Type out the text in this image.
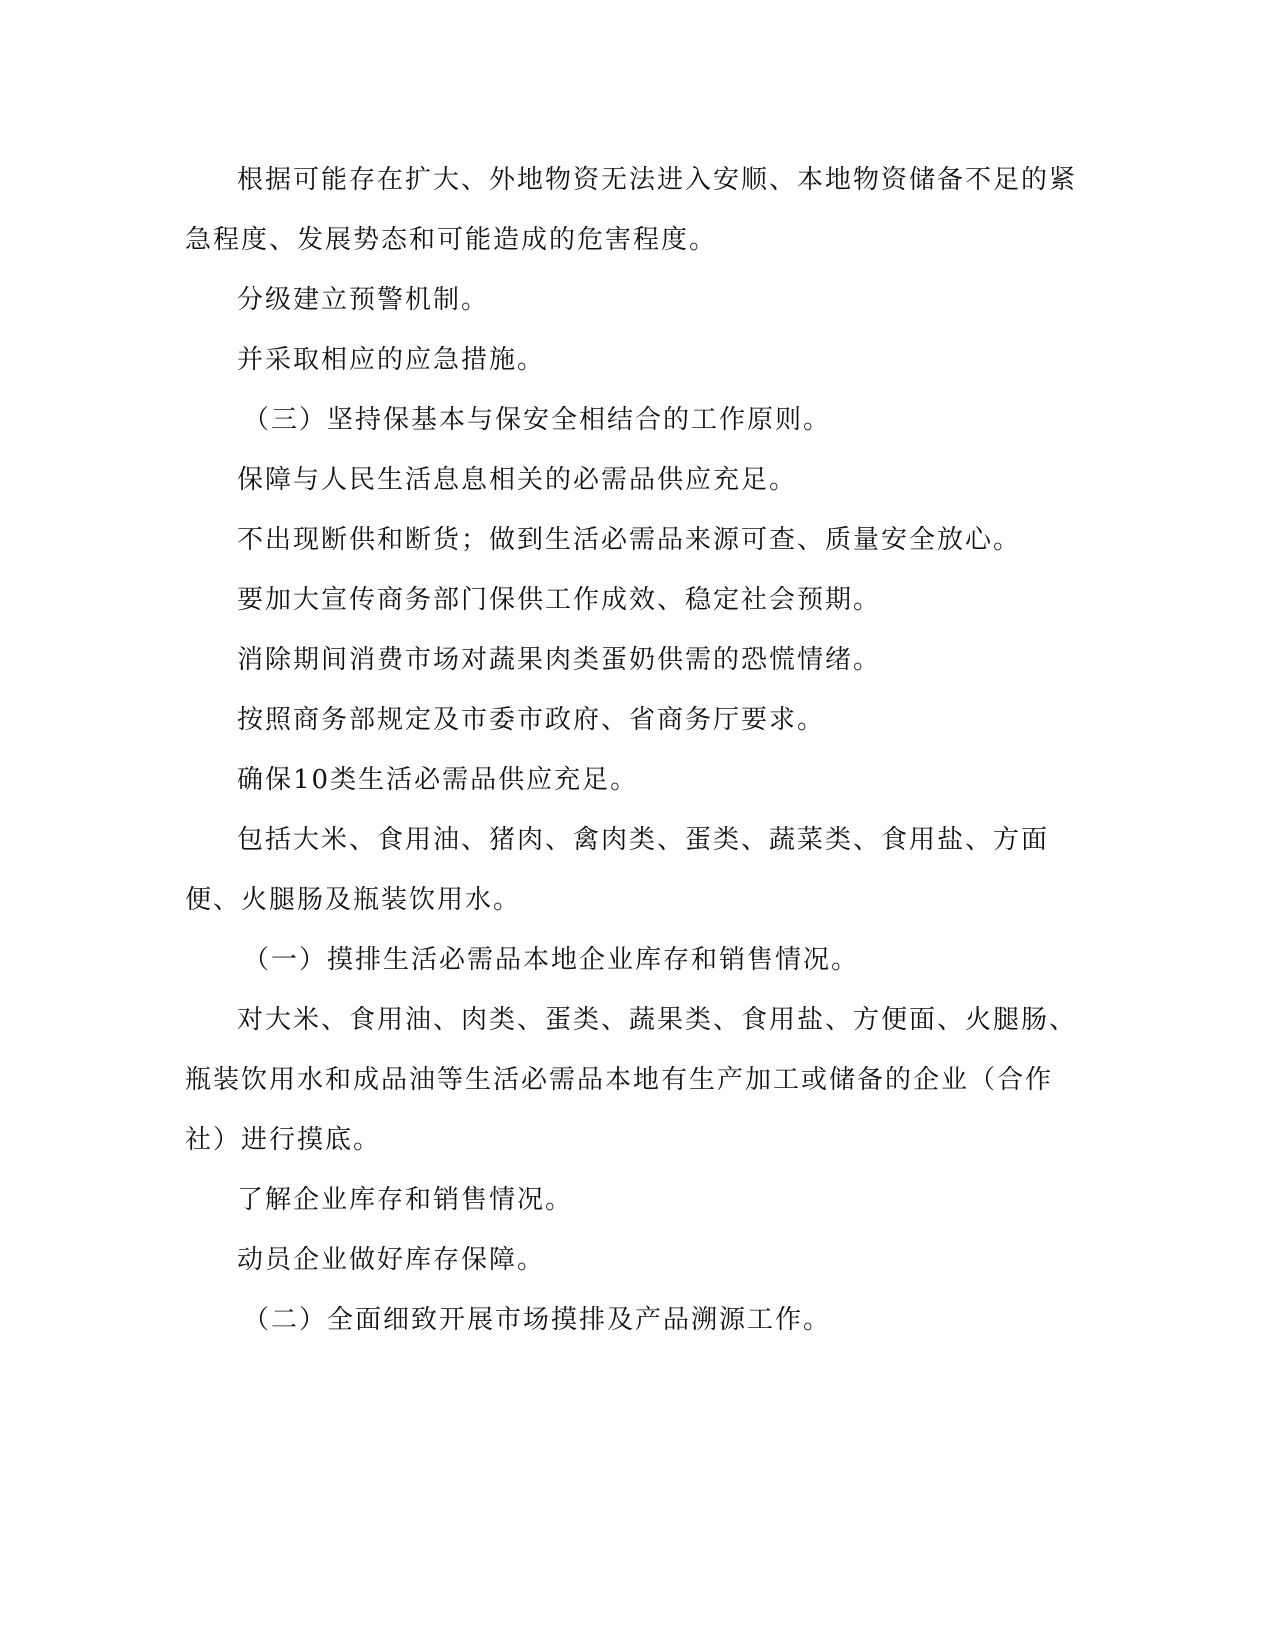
根据可能存在扩大、外地物资无法进入安顺、本地物资储备不足的紧急程度、发展势态和可能造成的危害程度。

分级建立预警机制。

并采取相应的应急措施。

（三）坚持保基本与保安全相结合的工作原则。

保障与人民生活息息相关的必需品供应充足。

不出现断供和断货；做到生活必需品来源可查、质量安全放心。

要加大宣传商务部门保供工作成效、稳定社会预期。

消除期间消费市场对蔬果肉类蛋奶供需的恐慌情绪。

按照商务部规定及市委市政府、省商务厅要求。

确保10类生活必需品供应充足。

包括大米、食用油、猪肉、禽肉类、蛋类、蔬菜类、食用盐、方面便、火腿肠及瓶装饮用水。

（一）摸排生活必需品本地企业库存和销售情况。

对大米、食用油、肉类、蛋类、蔬果类、食用盐、方便面、火腿肠、瓶装饮用水和成品油等生活必需品本地有生产加工或储备的企业（合作社）进行摸底。

了解企业库存和销售情况。

动员企业做好库存保障。

（二）全面细致开展市场摸排及产品溯源工作。
